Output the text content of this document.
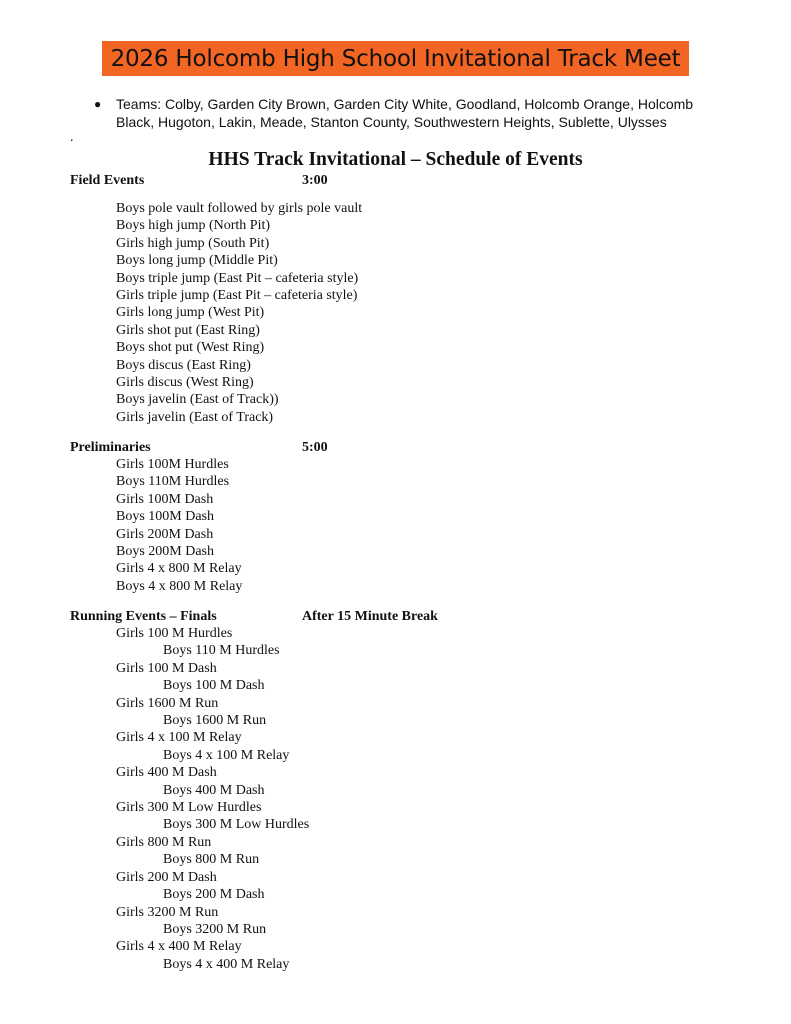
2026 Holcomb High School Invitational Track Meet
●	Teams: Colby, Garden City Brown, Garden City White, Goodland, Holcomb Orange, Holcomb Black, Hugoton, Lakin, Meade, Stanton County, Southwestern Heights, Sublette, Ulysses
.
HHS Track Invitational – Schedule of Events
Field Events	3:00
Boys pole vault followed by girls pole vault
Boys high jump (North Pit)
Girls high jump (South Pit)
Boys long jump (Middle Pit)
Boys triple jump (East Pit – cafeteria style)
Girls triple jump (East Pit – cafeteria style)
Girls long jump (West Pit)
Girls shot put (East Ring)
Boys shot put (West Ring)
Boys discus (East Ring)
Girls discus (West Ring)
Boys javelin (East of Track))
Girls javelin (East of Track)
Preliminaries	5:00
Girls 100M Hurdles
Boys 110M Hurdles
Girls 100M Dash
Boys 100M Dash
Girls 200M Dash
Boys 200M Dash
Girls 4 x 800 M Relay
Boys 4 x 800 M Relay
Running Events – Finals	After 15 Minute Break
Girls 100 M Hurdles
Boys 110 M Hurdles
Girls 100 M Dash
Boys 100 M Dash
Girls 1600 M Run
Boys 1600 M Run
Girls 4 x 100 M Relay
Boys 4 x 100 M Relay
Girls 400 M Dash
Boys 400 M Dash
Girls 300 M Low Hurdles
Boys 300 M Low Hurdles
Girls 800 M Run
Boys 800 M Run
Girls 200 M Dash
Boys 200 M Dash
Girls 3200 M Run
Boys 3200 M Run
Girls 4 x 400 M Relay
Boys 4 x 400 M Relay
